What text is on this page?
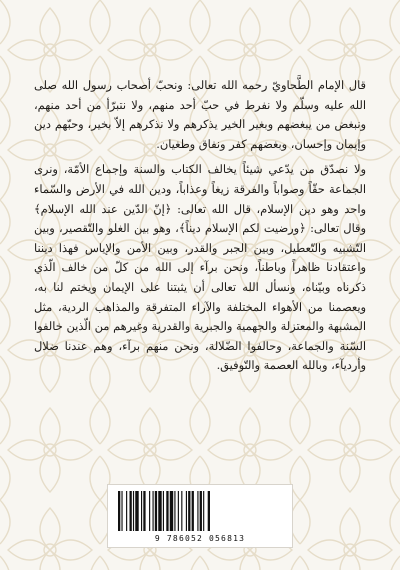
قال الإمام الطَّحاويّ رحمه الله تعالى: ونحبّ أصحاب رسول الله صلى الله عليه وسلّم ولا نفرط في حبّ أحد منهم، ولا نتبرّأ من أحد منهم، ونبغض من يبغضهم وبغير الخير يذكرهم ولا نذكرهم إلاّ بخير، وحبّهم دين وإيمان وإحسان، وبغضهم كفر ونفاق وطغيان.

ولا نصدّق من يدّعي شيئاً يخالف الكتاب والسنة وإجماع الأمّة، ونرى الجماعة حقّاً وصواباً والفرقة زيغاً وعذاباً، ودين الله في الأرض والسّماء واحد وهو دين الإسلام، قال الله تعالى: ﴿إنّ الدّين عند الله الإسلام﴾ وقال تعالى: ﴿ورضيت لكم الإسلام ديناً﴾، وهو بين الغلو والتّقصير، وبين التّشبيه والتّعطيل، وبين الجبر والقدر، وبين الأمن والإياس فهذا ديننا واعتقادنا ظاهراً وباطناً، ونحن برآء إلى الله من كلّ من خالف الّذي ذكرناه وبيّناه، ونسأل الله تعالى أن يثبتنا على الإيمان ويختم لنا به، ويعصمنا من الأهواء المختلفة والآراء المتفرقة والمذاهب الردية، مثل المشبهة والمعتزلة والجهمية والجبرية والقدرية وغيرهم من الّذين خالفوا السّنة والجماعة، وحالفوا الضّلالة، ونحن منهم برآء، وهم عندنا ضلال وأرديآء، وبالله العصمة والتّوفيق.

9 786052 056813
